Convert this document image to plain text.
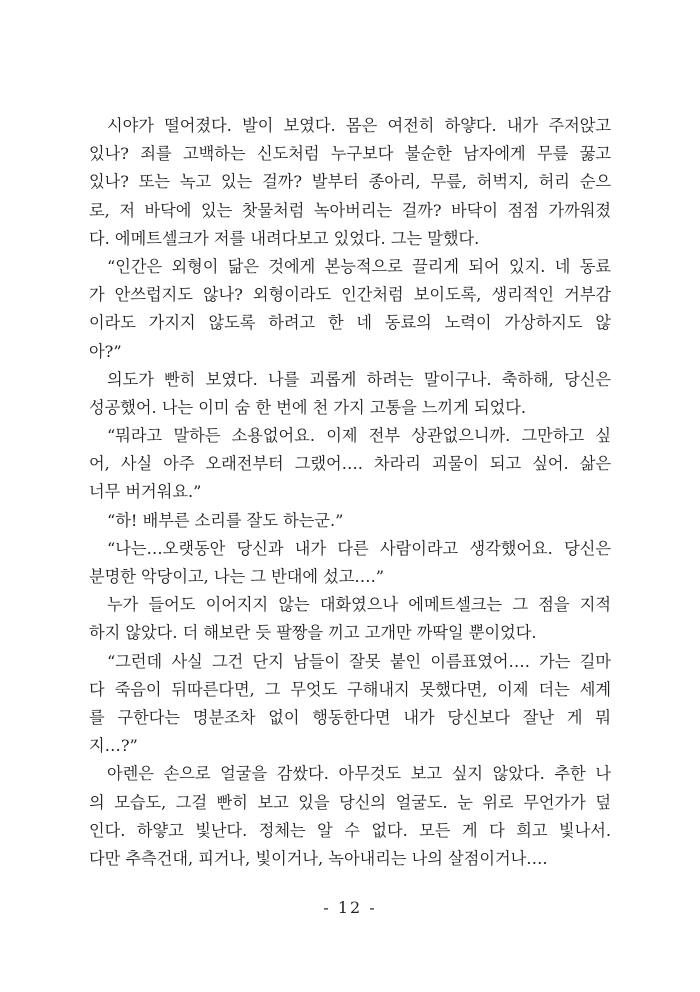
시야가 떨어졌다. 발이 보였다. 몸은 여전히 하얗다. 내가 주저앉고
있나? 죄를 고백하는 신도처럼 누구보다 불순한 남자에게 무릎 꿇고
있나? 또는 녹고 있는 걸까? 발부터 종아리, 무릎, 허벅지, 허리 순으
로, 저 바닥에 있는 찻물처럼 녹아버리는 걸까? 바닥이 점점 가까워졌
다. 에메트셀크가 저를 내려다보고 있었다. 그는 말했다.
“인간은 외형이 닮은 것에게 본능적으로 끌리게 되어 있지. 네 동료
가 안쓰럽지도 않나? 외형이라도 인간처럼 보이도록, 생리적인 거부감
이라도 가지지 않도록 하려고 한 네 동료의 노력이 가상하지도 않
아?”
의도가 빤히 보였다. 나를 괴롭게 하려는 말이구나. 축하해, 당신은
성공했어. 나는 이미 숨 한 번에 천 가지 고통을 느끼게 되었다.
“뭐라고 말하든 소용없어요. 이제 전부 상관없으니까. 그만하고 싶
어, 사실 아주 오래전부터 그랬어…. 차라리 괴물이 되고 싶어. 삶은
너무 버거워요.”
“하! 배부른 소리를 잘도 하는군.”
“나는…오랫동안 당신과 내가 다른 사람이라고 생각했어요. 당신은
분명한 악당이고, 나는 그 반대에 섰고….”
누가 들어도 이어지지 않는 대화였으나 에메트셀크는 그 점을 지적
하지 않았다. 더 해보란 듯 팔짱을 끼고 고개만 까딱일 뿐이었다.
“그런데 사실 그건 단지 남들이 잘못 붙인 이름표였어…. 가는 길마
다 죽음이 뒤따른다면, 그 무엇도 구해내지 못했다면, 이제 더는 세계
를 구한다는 명분조차 없이 행동한다면 내가 당신보다 잘난 게 뭐
지…?”
아렌은 손으로 얼굴을 감쌌다. 아무것도 보고 싶지 않았다. 추한 나
의 모습도, 그걸 빤히 보고 있을 당신의 얼굴도. 눈 위로 무언가가 덮
인다. 하얗고 빛난다. 정체는 알 수 없다. 모든 게 다 희고 빛나서.
다만 추측건대, 피거나, 빛이거나, 녹아내리는 나의 살점이거나….
- 12 -
